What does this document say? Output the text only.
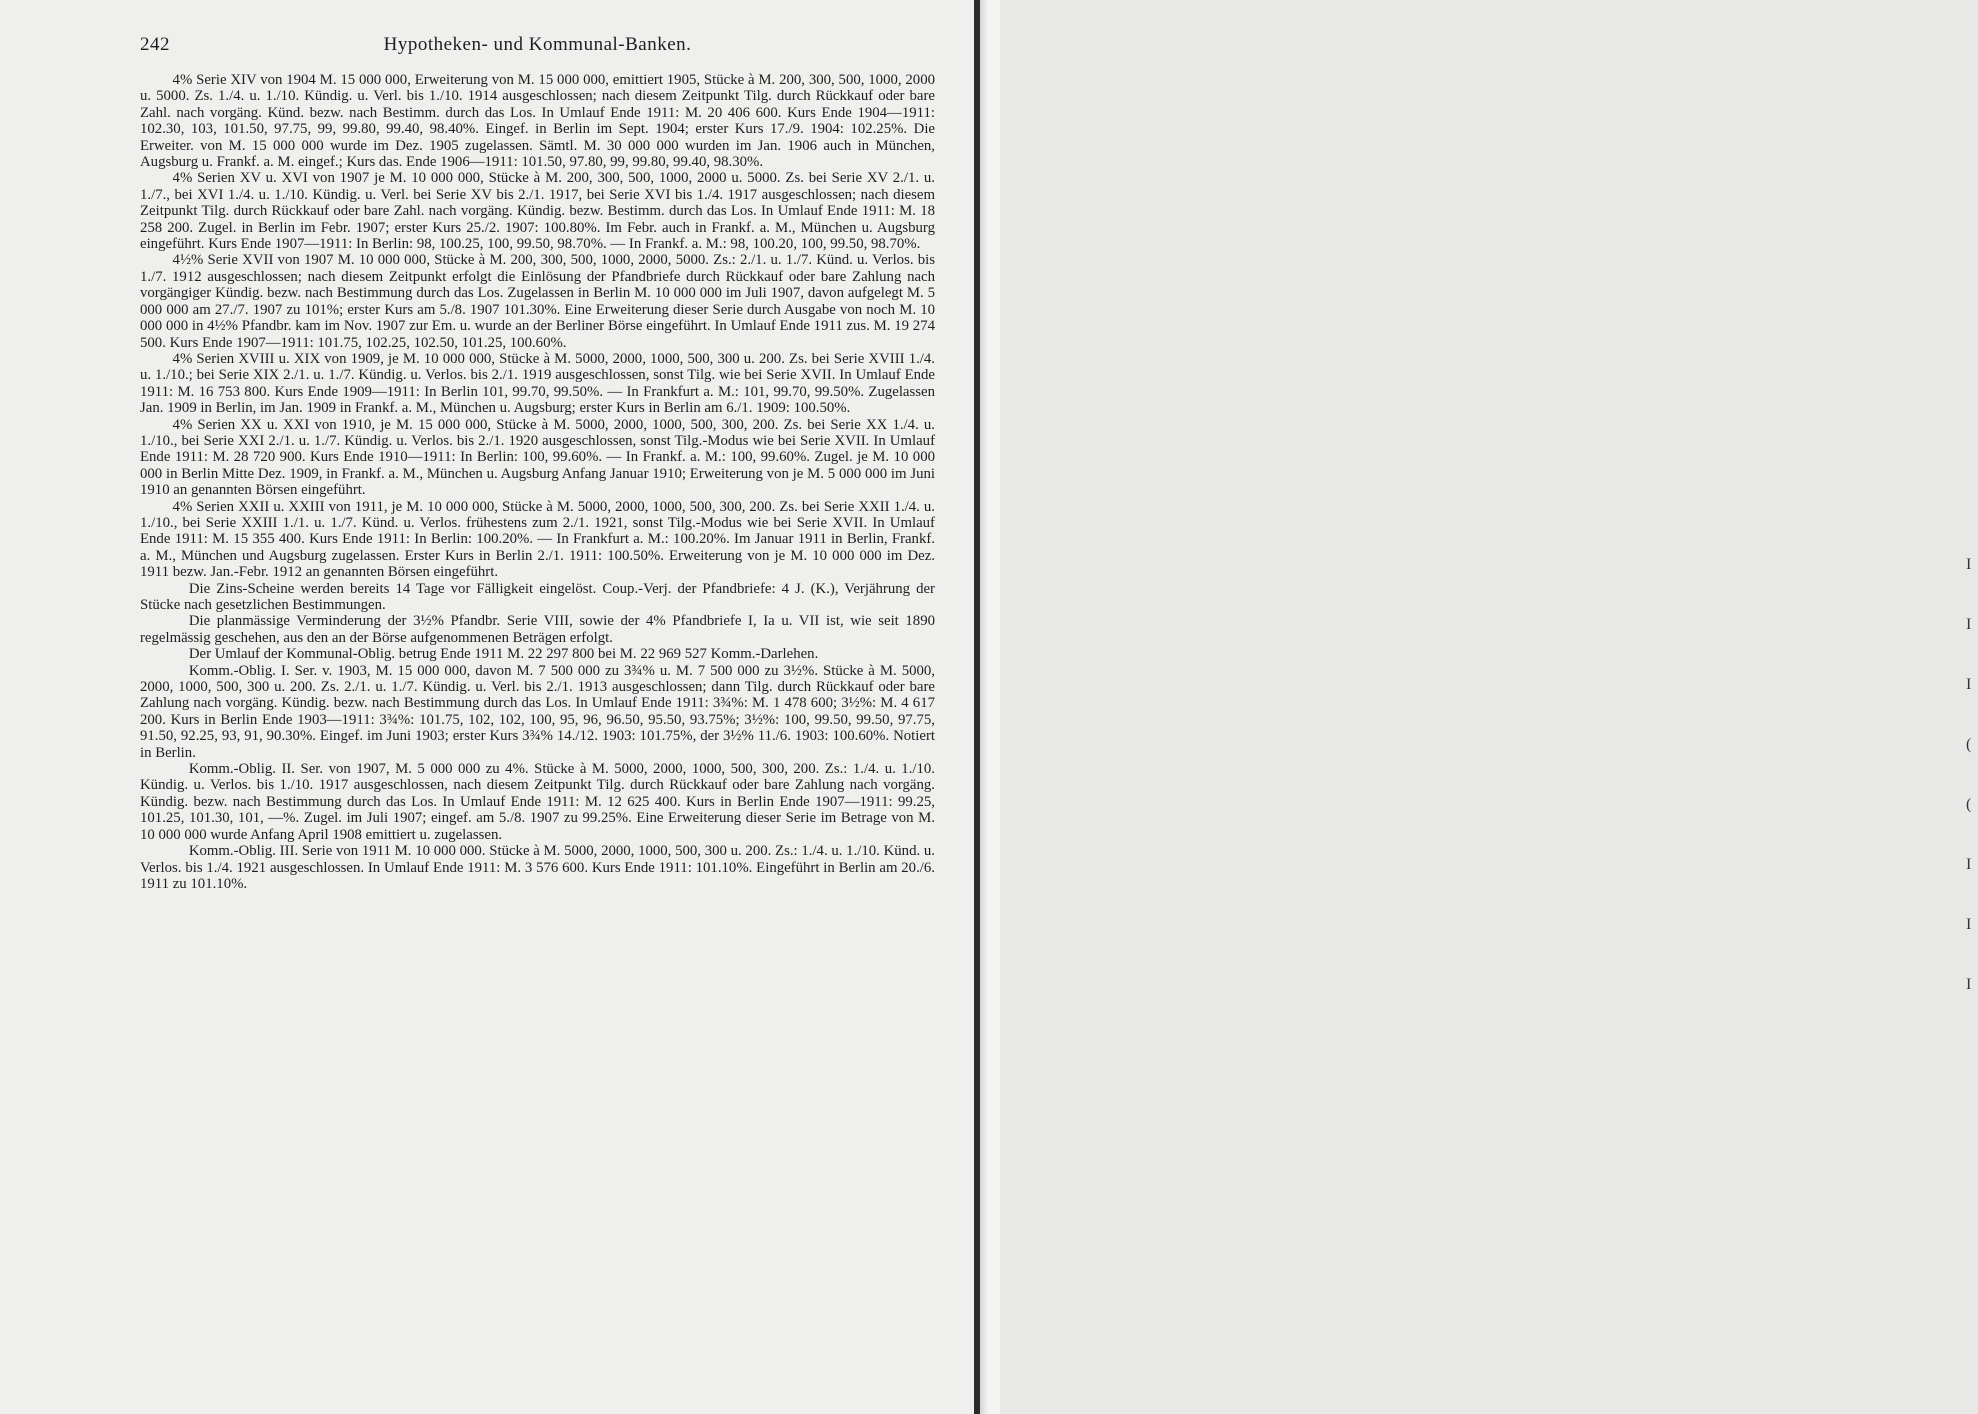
I

I

I

(

(

I

I

I

242	Hypotheken- und Kommunal-Banken.

4% Serie XIV von 1904 M. 15 000 000, Erweiterung von M. 15 000 000, emittiert 1905, Stücke à M. 200, 300, 500, 1000, 2000 u. 5000. Zs. 1./4. u. 1./10. Kündig. u. Verl. bis 1./10. 1914 ausgeschlossen; nach diesem Zeitpunkt Tilg. durch Rückkauf oder bare Zahl. nach vorgäng. Künd. bezw. nach Bestimm. durch das Los. In Umlauf Ende 1911: M. 20 406 600. Kurs Ende 1904—1911: 102.30, 103, 101.50, 97.75, 99, 99.80, 99.40, 98.40%. Eingef. in Berlin im Sept. 1904; erster Kurs 17./9. 1904: 102.25%. Die Erweiter. von M. 15 000 000 wurde im Dez. 1905 zugelassen. Sämtl. M. 30 000 000 wurden im Jan. 1906 auch in München, Augsburg u. Frankf. a. M. eingef.; Kurs das. Ende 1906—1911: 101.50, 97.80, 99, 99.80, 99.40, 98.30%.

4% Serien XV u. XVI von 1907 je M. 10 000 000, Stücke à M. 200, 300, 500, 1000, 2000 u. 5000. Zs. bei Serie XV 2./1. u. 1./7., bei XVI 1./4. u. 1./10. Kündig. u. Verl. bei Serie XV bis 2./1. 1917, bei Serie XVI bis 1./4. 1917 ausgeschlossen; nach diesem Zeitpunkt Tilg. durch Rückkauf oder bare Zahl. nach vorgäng. Kündig. bezw. Bestimm. durch das Los. In Umlauf Ende 1911: M. 18 258 200. Zugel. in Berlin im Febr. 1907; erster Kurs 25./2. 1907: 100.80%. Im Febr. auch in Frankf. a. M., München u. Augsburg eingeführt. Kurs Ende 1907—1911: In Berlin: 98, 100.25, 100, 99.50, 98.70%. — In Frankf. a. M.: 98, 100.20, 100, 99.50, 98.70%.

4½% Serie XVII von 1907 M. 10 000 000, Stücke à M. 200, 300, 500, 1000, 2000, 5000. Zs.: 2./1. u. 1./7. Künd. u. Verlos. bis 1./7. 1912 ausgeschlossen; nach diesem Zeitpunkt erfolgt die Einlösung der Pfandbriefe durch Rückkauf oder bare Zahlung nach vorgängiger Kündig. bezw. nach Bestimmung durch das Los. Zugelassen in Berlin M. 10 000 000 im Juli 1907, davon aufgelegt M. 5 000 000 am 27./7. 1907 zu 101%; erster Kurs am 5./8. 1907 101.30%. Eine Erweiterung dieser Serie durch Ausgabe von noch M. 10 000 000 in 4½% Pfandbr. kam im Nov. 1907 zur Em. u. wurde an der Berliner Börse eingeführt. In Umlauf Ende 1911 zus. M. 19 274 500. Kurs Ende 1907—1911: 101.75, 102.25, 102.50, 101.25, 100.60%.

4% Serien XVIII u. XIX von 1909, je M. 10 000 000, Stücke à M. 5000, 2000, 1000, 500, 300 u. 200. Zs. bei Serie XVIII 1./4. u. 1./10.; bei Serie XIX 2./1. u. 1./7. Kündig. u. Verlos. bis 2./1. 1919 ausgeschlossen, sonst Tilg. wie bei Serie XVII. In Umlauf Ende 1911: M. 16 753 800. Kurs Ende 1909—1911: In Berlin 101, 99.70, 99.50%. — In Frankfurt a. M.: 101, 99.70, 99.50%. Zugelassen Jan. 1909 in Berlin, im Jan. 1909 in Frankf. a. M., München u. Augsburg; erster Kurs in Berlin am 6./1. 1909: 100.50%.

4% Serien XX u. XXI von 1910, je M. 15 000 000, Stücke à M. 5000, 2000, 1000, 500, 300, 200. Zs. bei Serie XX 1./4. u. 1./10., bei Serie XXI 2./1. u. 1./7. Kündig. u. Verlos. bis 2./1. 1920 ausgeschlossen, sonst Tilg.-Modus wie bei Serie XVII. In Umlauf Ende 1911: M. 28 720 900. Kurs Ende 1910—1911: In Berlin: 100, 99.60%. — In Frankf. a. M.: 100, 99.60%. Zugel. je M. 10 000 000 in Berlin Mitte Dez. 1909, in Frankf. a. M., München u. Augsburg Anfang Januar 1910; Erweiterung von je M. 5 000 000 im Juni 1910 an genannten Börsen eingeführt.

4% Serien XXII u. XXIII von 1911, je M. 10 000 000, Stücke à M. 5000, 2000, 1000, 500, 300, 200. Zs. bei Serie XXII 1./4. u. 1./10., bei Serie XXIII 1./1. u. 1./7. Künd. u. Verlos. frühestens zum 2./1. 1921, sonst Tilg.-Modus wie bei Serie XVII. In Umlauf Ende 1911: M. 15 355 400. Kurs Ende 1911: In Berlin: 100.20%. — In Frankfurt a. M.: 100.20%. Im Januar 1911 in Berlin, Frankf. a. M., München und Augsburg zugelassen. Erster Kurs in Berlin 2./1. 1911: 100.50%. Erweiterung von je M. 10 000 000 im Dez. 1911 bezw. Jan.-Febr. 1912 an genannten Börsen eingeführt.

Die Zins-Scheine werden bereits 14 Tage vor Fälligkeit eingelöst. Coup.-Verj. der Pfandbriefe: 4 J. (K.), Verjährung der Stücke nach gesetzlichen Bestimmungen.

Die planmässige Verminderung der 3½% Pfandbr. Serie VIII, sowie der 4% Pfandbriefe I, Ia u. VII ist, wie seit 1890 regelmässig geschehen, aus den an der Börse aufgenommenen Beträgen erfolgt.

Der Umlauf der Kommunal-Oblig. betrug Ende 1911 M. 22 297 800 bei M. 22 969 527 Komm.-Darlehen.

Komm.-Oblig. I. Ser. v. 1903, M. 15 000 000, davon M. 7 500 000 zu 3¾% u. M. 7 500 000 zu 3½%. Stücke à M. 5000, 2000, 1000, 500, 300 u. 200. Zs. 2./1. u. 1./7. Kündig. u. Verl. bis 2./1. 1913 ausgeschlossen; dann Tilg. durch Rückkauf oder bare Zahlung nach vorgäng. Kündig. bezw. nach Bestimmung durch das Los. In Umlauf Ende 1911: 3¾%: M. 1 478 600; 3½%: M. 4 617 200. Kurs in Berlin Ende 1903—1911: 3¾%: 101.75, 102, 102, 100, 95, 96, 96.50, 95.50, 93.75%; 3½%: 100, 99.50, 99.50, 97.75, 91.50, 92.25, 93, 91, 90.30%. Eingef. im Juni 1903; erster Kurs 3¾% 14./12. 1903: 101.75%, der 3½% 11./6. 1903: 100.60%. Notiert in Berlin.

Komm.-Oblig. II. Ser. von 1907, M. 5 000 000 zu 4%. Stücke à M. 5000, 2000, 1000, 500, 300, 200. Zs.: 1./4. u. 1./10. Kündig. u. Verlos. bis 1./10. 1917 ausgeschlossen, nach diesem Zeitpunkt Tilg. durch Rückkauf oder bare Zahlung nach vorgäng. Kündig. bezw. nach Bestimmung durch das Los. In Umlauf Ende 1911: M. 12 625 400. Kurs in Berlin Ende 1907—1911: 99.25, 101.25, 101.30, 101, —%. Zugel. im Juli 1907; eingef. am 5./8. 1907 zu 99.25%. Eine Erweiterung dieser Serie im Betrage von M. 10 000 000 wurde Anfang April 1908 emittiert u. zugelassen.

Komm.-Oblig. III. Serie von 1911 M. 10 000 000. Stücke à M. 5000, 2000, 1000, 500, 300 u. 200. Zs.: 1./4. u. 1./10. Künd. u. Verlos. bis 1./4. 1921 ausgeschlossen. In Umlauf Ende 1911: M. 3 576 600. Kurs Ende 1911: 101.10%. Eingeführt in Berlin am 20./6. 1911 zu 101.10%.
